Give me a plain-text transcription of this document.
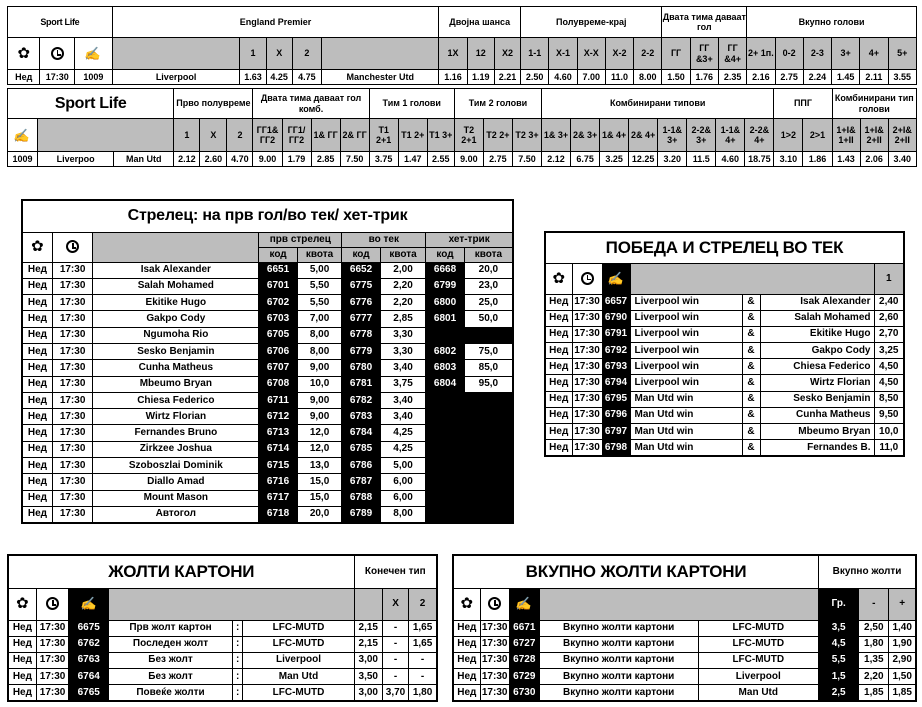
Sport Life			England Premier					Двојна шанса			Полувреме-крај					Двата тима даваат гол			Вкупно голови					
✿		✍		1	X	2		1X	12	X2	1-1	X-1	X-X	X-2	2-2	ГГ	ГГ &3+	ГГ &4+	2+ 1п.	0-2	2-3	3+	4+	5+
Нед	17:30	1009	Liverpool	1.63	4.25	4.75	Manchester Utd	1.16	1.19	2.21	2.50	4.60	7.00	11.0	8.00	1.50	1.76	2.35	2.16	2.75	2.24	1.45	2.11	3.55
Sport Life			Прво полувреме			Двата тима даваат гол комб.				Тим 1 голови			Тим 2 голови			Комбинирани типови								ППГ		Комбинирани тип голови		
✍			1	X	2	ГГ1& ГГ2	ГГ1/ ГГ2	1& ГГ	2& ГГ	T1 2+1	T1 2+	T1 3+	T2 2+1	T2 2+	T2 3+	1& 3+	2& 3+	1& 4+	2& 4+	1-1& 3+	2-2& 3+	1-1& 4+	2-2& 4+	1>2	2>1	1+I& 1+II	1+I& 2+II	2+I& 2+II
1009	Liverpoo	Man Utd	2.12	2.60	4.70	9.00	1.79	2.85	7.50	3.75	1.47	2.55	9.00	2.75	7.50	2.12	6.75	3.25	12.25	3.20	11.5	4.60	18.75	3.10	1.86	1.43	2.06	3.40
Стрелец: на прв гол/во тек/ хет-трик								
✿			прв стрелец		во тек		хет-трик	
			код	квота	код	квота	код	квота
Нед	17:30	Isak Alexander	6651	5,00	6652	2,00	6668	20,0
Нед	17:30	Salah Mohamed	6701	5,50	6775	2,20	6799	23,0
Нед	17:30	Ekitike Hugo	6702	5,50	6776	2,20	6800	25,0
Нед	17:30	Gakpo Cody	6703	7,00	6777	2,85	6801	50,0
Нед	17:30	Ngumoha Rio	6705	8,00	6778	3,30		
Нед	17:30	Sesko Benjamin	6706	8,00	6779	3,30	6802	75,0
Нед	17:30	Cunha Matheus	6707	9,00	6780	3,40	6803	85,0
Нед	17:30	Mbeumo Bryan	6708	10,0	6781	3,75	6804	95,0
Нед	17:30	Chiesa Federico	6711	9,00	6782	3,40		
Нед	17:30	Wirtz Florian	6712	9,00	6783	3,40		
Нед	17:30	Fernandes Bruno	6713	12,0	6784	4,25		
Нед	17:30	Zirkzee Joshua	6714	12,0	6785	4,25		
Нед	17:30	Szoboszlai Dominik	6715	13,0	6786	5,00		
Нед	17:30	Diallo Amad	6716	15,0	6787	6,00		
Нед	17:30	Mount Mason	6717	15,0	6788	6,00		
Нед	17:30	Автогол	6718	20,0	6789	8,00		
ПОБЕДА И СТРЕЛЕЦ ВО ТЕК						
✿		✍				1
Нед	17:30	6657	Liverpool win	&	Isak Alexander	2,40
Нед	17:30	6790	Liverpool win	&	Salah Mohamed	2,60
Нед	17:30	6791	Liverpool win	&	Ekitike Hugo	2,70
Нед	17:30	6792	Liverpool win	&	Gakpo Cody	3,25
Нед	17:30	6793	Liverpool win	&	Chiesa Federico	4,50
Нед	17:30	6794	Liverpool win	&	Wirtz Florian	4,50
Нед	17:30	6795	Man Utd win	&	Sesko Benjamin	8,50
Нед	17:30	6796	Man Utd win	&	Cunha Matheus	9,50
Нед	17:30	6797	Man Utd win	&	Mbeumo Bryan	10,0
Нед	17:30	6798	Man Utd win	&	Fernandes B.	11,0
ЖОЛТИ КАРТОНИ						Конечен тип		
✿		✍					X	2
Нед	17:30	6675	Прв жолт картон	:	LFC-MUTD	2,15	-	1,65
Нед	17:30	6762	Последен жолт	:	LFC-MUTD	2,15	-	1,65
Нед	17:30	6763	Без жолт	:	Liverpool	3,00	-	-
Нед	17:30	6764	Без жолт	:	Man Utd	3,50	-	-
Нед	17:30	6765	Повеќе жолти	:	LFC-MUTD	3,00	3,70	1,80
ВКУПНО ЖОЛТИ КАРТОНИ					Вкупно жолти		
✿		✍			Гр.	-	+
Нед	17:30	6671	Вкупно жолти картони	LFC-MUTD	3,5	2,50	1,40
Нед	17:30	6727	Вкупно жолти картони	LFC-MUTD	4,5	1,80	1,90
Нед	17:30	6728	Вкупно жолти картони	LFC-MUTD	5,5	1,35	2,90
Нед	17:30	6729	Вкупно жолти картони	Liverpool	1,5	2,20	1,50
Нед	17:30	6730	Вкупно жолти картони	Man Utd	2,5	1,85	1,85
